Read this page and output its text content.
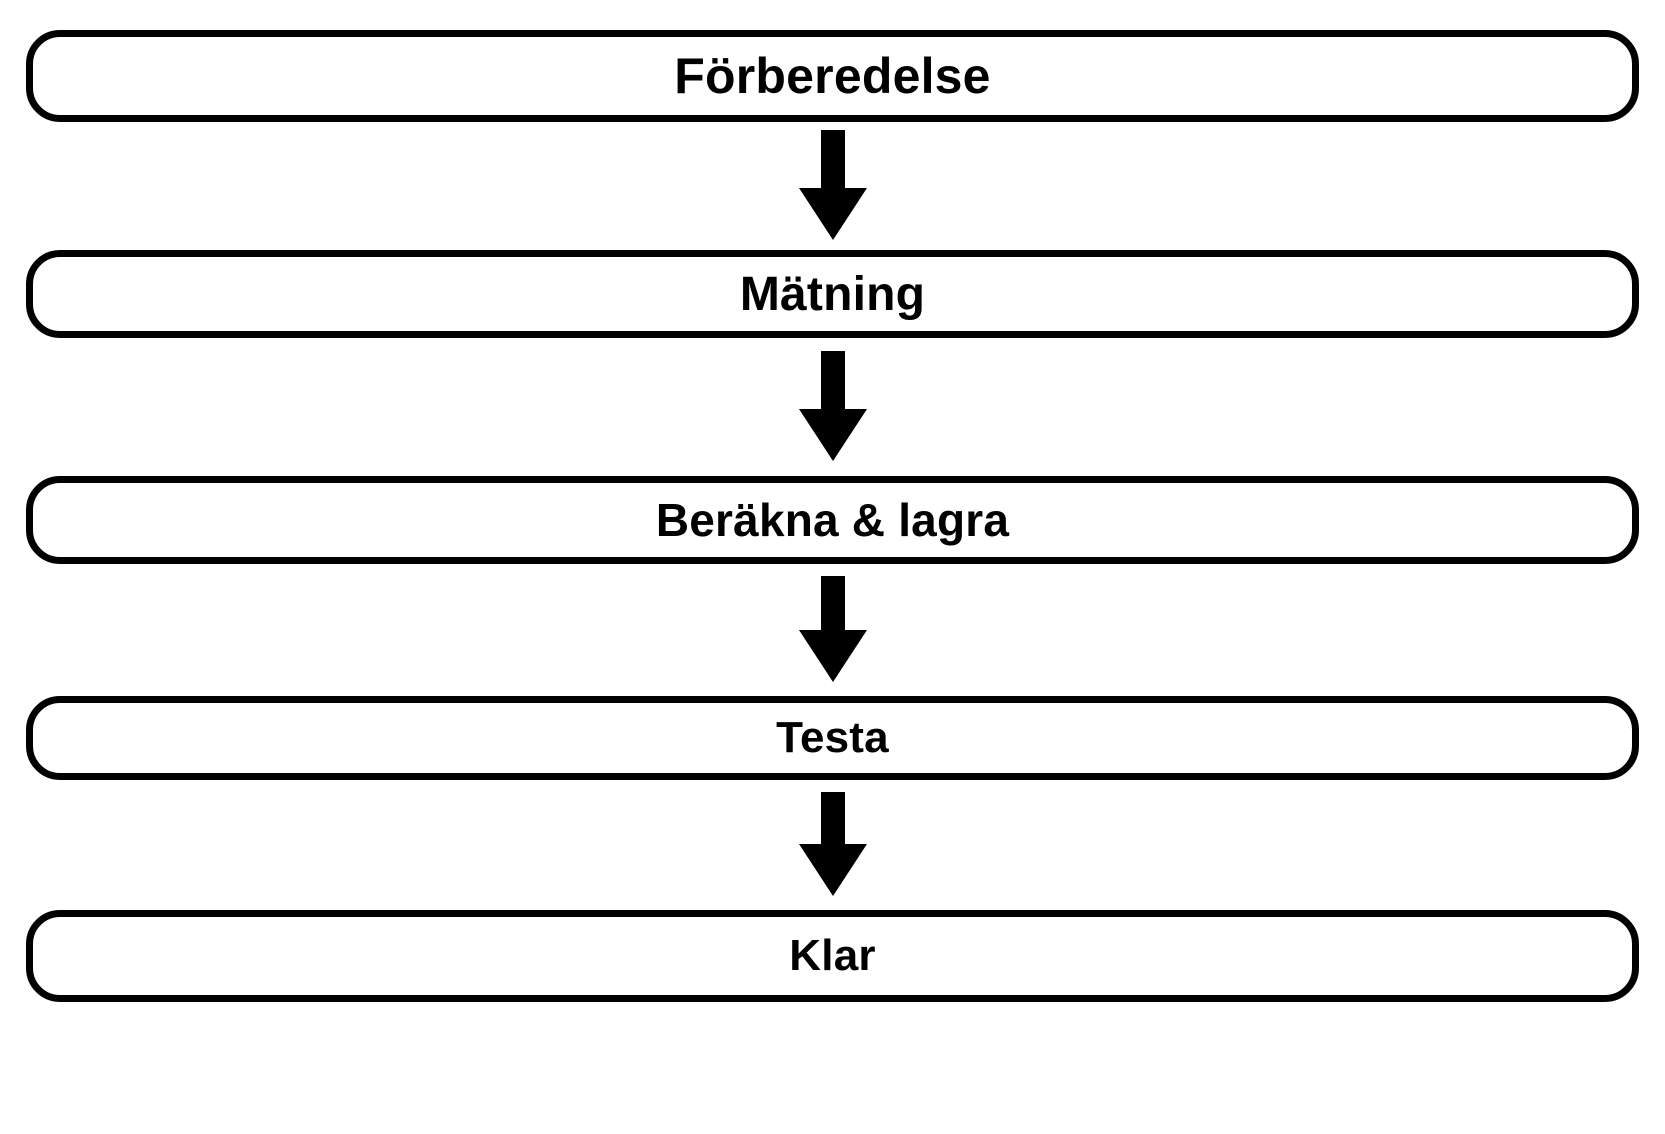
Förberedelse
Mätning
Beräkna & lagra
Testa
Klar
